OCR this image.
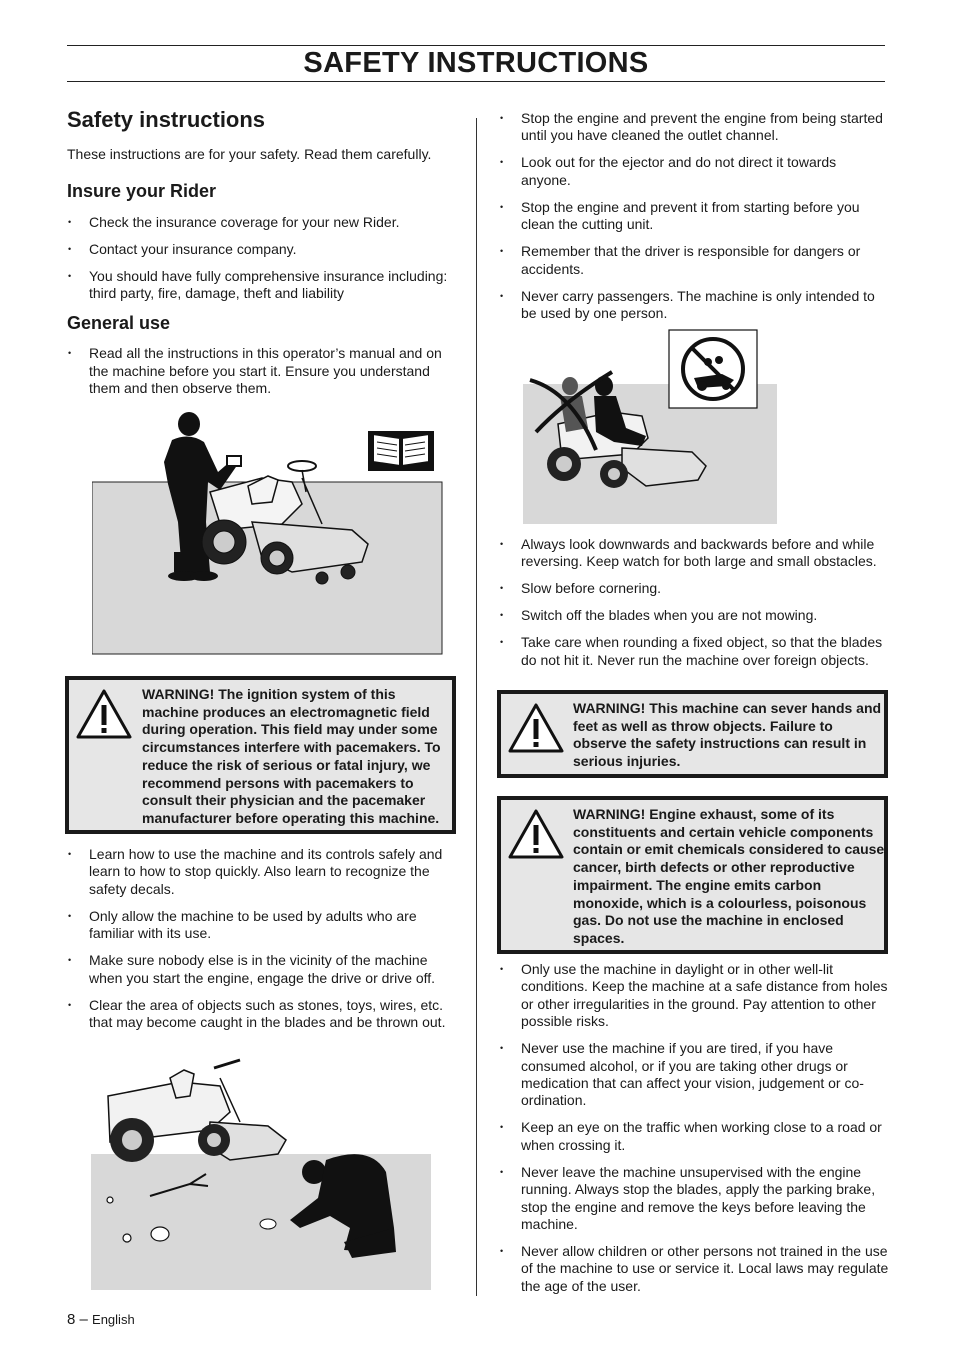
SAFETY INSTRUCTIONS
Safety instructions

These instructions are for your safety. Read them carefully.

Insure your Rider
• Check the insurance coverage for your new Rider.
• Contact your insurance company.
• You should have fully comprehensive insurance including: third party, fire, damage, theft and liability
General use
• Read all the instructions in this operator’s manual and on the machine before you start it. Ensure you understand them and then observe them.
WARNING! The ignition system of this machine produces an electromagnetic field during operation. This field may under some circumstances interfere with pacemakers. To reduce the risk of serious or fatal injury, we recommend persons with pacemakers to consult their physician and the pacemaker manufacturer before operating this machine.
• Learn how to use the machine and its controls safely and learn to how to stop quickly. Also learn to recognize the safety decals.
• Only allow the machine to be used by adults who are familiar with its use.
• Make sure nobody else is in the vicinity of the machine when you start the engine, engage the drive or drive off.
• Clear the area of objects such as stones, toys, wires, etc. that may become caught in the blades and be thrown out.
• Stop the engine and prevent the engine from being started until you have cleaned the outlet channel.
• Look out for the ejector and do not direct it towards anyone.
• Stop the engine and prevent it from starting before you clean the cutting unit.
• Remember that the driver is responsible for dangers or accidents.
• Never carry passengers. The machine is only intended to be used by one person.
• Always look downwards and backwards before and while reversing. Keep watch for both large and small obstacles.
• Slow before cornering.
• Switch off the blades when you are not mowing.
• Take care when rounding a fixed object, so that the blades do not hit it. Never run the machine over foreign objects.
WARNING! This machine can sever hands and feet as well as throw objects. Failure to observe the safety instructions can result in serious injuries.
WARNING! Engine exhaust, some of its constituents and certain vehicle components contain or emit chemicals considered to cause cancer, birth defects or other reproductive impairment. The engine emits carbon monoxide, which is a colourless, poisonous gas. Do not use the machine in enclosed spaces.
• Only use the machine in daylight or in other well-lit conditions. Keep the machine at a safe distance from holes or other irregularities in the ground. Pay attention to other possible risks.
• Never use the machine if you are tired, if you have consumed alcohol, or if you are taking other drugs or medication that can affect your vision, judgement or co-ordination.
• Keep an eye on the traffic when working close to a road or when crossing it.
• Never leave the machine unsupervised with the engine running. Always stop the blades, apply the parking brake, stop the engine and remove the keys before leaving the machine.
• Never allow children or other persons not trained in the use of the machine to use or service it. Local laws may regulate the age of the user.
8 – English
